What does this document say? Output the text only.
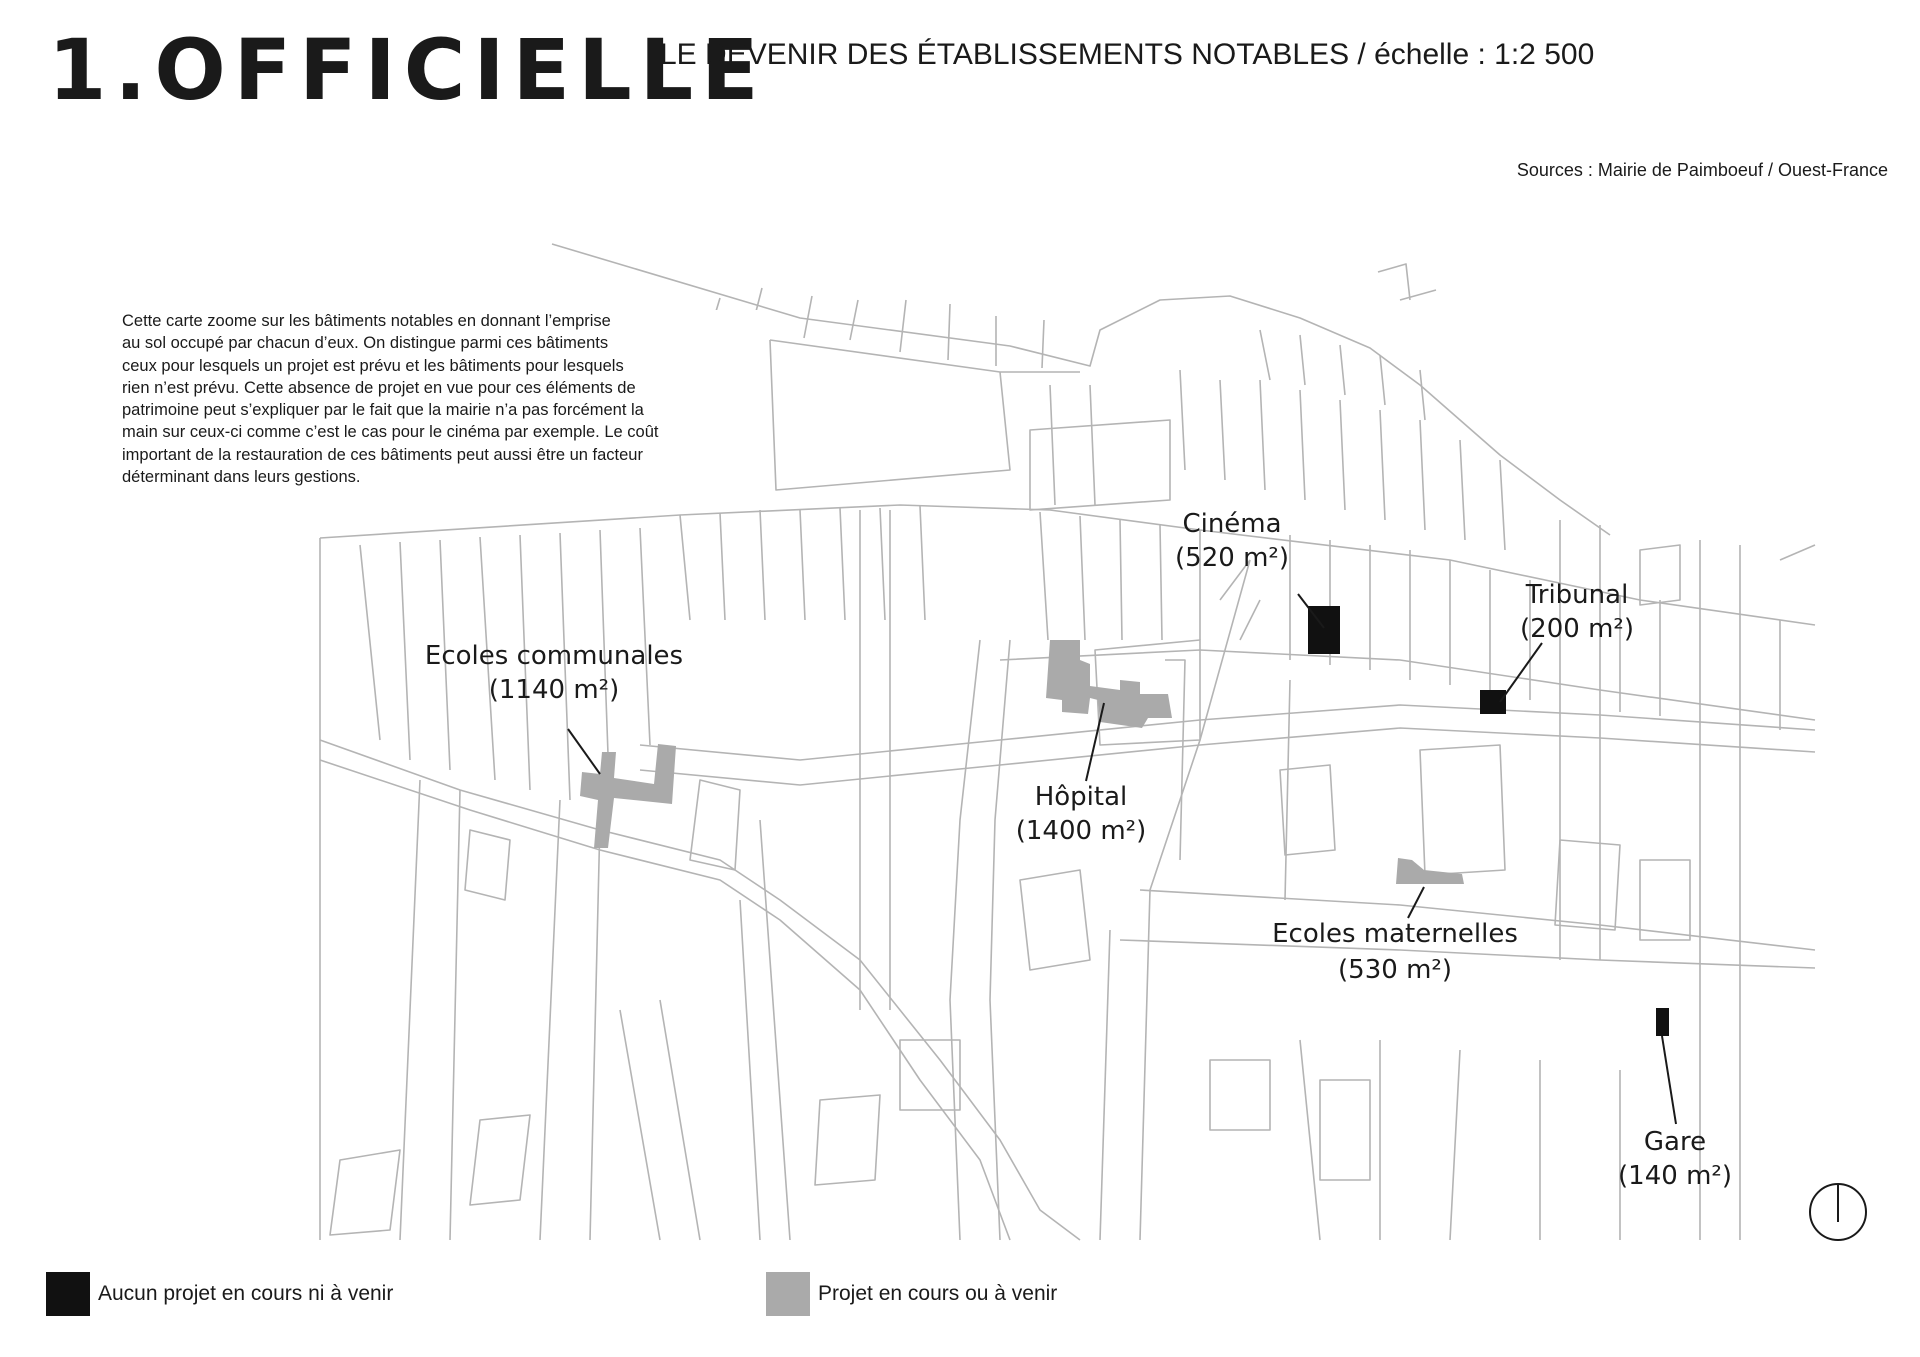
1.OFFICIELLE
LE DEVENIR DES ÉTABLISSEMENTS NOTABLES / échelle : 1:2 500
Sources : Mairie de Paimboeuf / Ouest-France
Cinéma
(520 m²)
Tribunal
(200 m²)
Ecoles communales
(1140 m²)
Hôpital
(1400 m²)
Ecoles maternelles
(530 m²)
Gare
(140 m²)

Cette carte zoome sur les bâtiments notables en donnant l’emprise
au sol occupé par chacun d’eux. On distingue parmi ces bâtiments
ceux pour lesquels un projet est prévu et les bâtiments pour lesquels
rien n’est prévu. Cette absence de projet en vue pour ces éléments de
patrimoine peut s’expliquer par le fait que la mairie n’a pas forcément la
main sur ceux-ci comme c’est le cas pour le cinéma par exemple. Le coût
important de la restauration de ces bâtiments peut aussi être un facteur
déterminant dans leurs gestions.

Aucun projet en cours ni à venir	Projet en cours ou à venir
